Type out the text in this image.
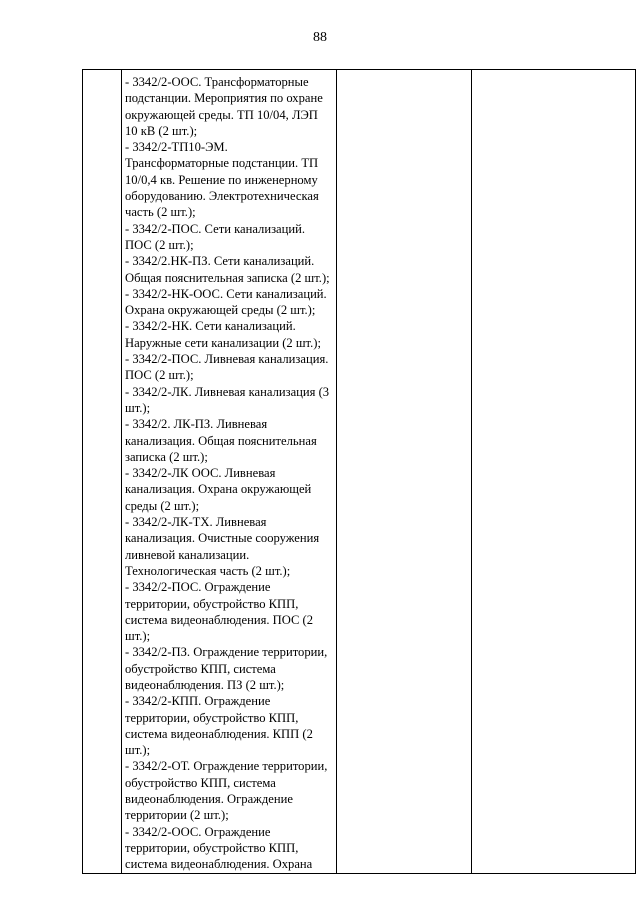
88

- 3342/2-ООС. Трансформаторные подстанции. Мероприятия по охране окружающей среды. ТП 10/04, ЛЭП 10 кВ (2 шт.);
- 3342/2-ТП10-ЭМ. Трансформаторные подстанции. ТП 10/0,4 кв. Решение по инженерному оборудованию. Электротехническая часть (2 шт.);
- 3342/2-ПОС. Сети канализаций. ПОС (2 шт.);
- 3342/2.НК-ПЗ. Сети канализаций. Общая пояснительная записка (2 шт.);
- 3342/2-НК-ООС. Сети канализаций. Охрана окружающей среды (2 шт.);
- 3342/2-НК. Сети канализаций. Наружные сети канализации (2 шт.);
- 3342/2-ПОС. Ливневая канализация. ПОС (2 шт.);
- 3342/2-ЛК. Ливневая канализация (3 шт.);
- 3342/2. ЛК-ПЗ. Ливневая канализация. Общая пояснительная записка (2 шт.);
- 3342/2-ЛК ООС. Ливневая канализация. Охрана окружающей среды (2 шт.);
- 3342/2-ЛК-ТХ. Ливневая канализация. Очистные сооружения ливневой канализации. Технологическая часть (2 шт.);
- 3342/2-ПОС. Ограждение территории, обустройство КПП, система видеонаблюдения. ПОС (2 шт.);
- 3342/2-ПЗ. Ограждение территории, обустройство КПП, система видеонаблюдения. ПЗ (2 шт.);
- 3342/2-КПП. Ограждение территории, обустройство КПП, система видеонаблюдения. КПП (2 шт.);
- 3342/2-ОТ. Ограждение территории, обустройство КПП, система видеонаблюдения. Ограждение территории (2 шт.);
- 3342/2-ООС. Ограждение территории, обустройство КПП, система видеонаблюдения. Охрана
